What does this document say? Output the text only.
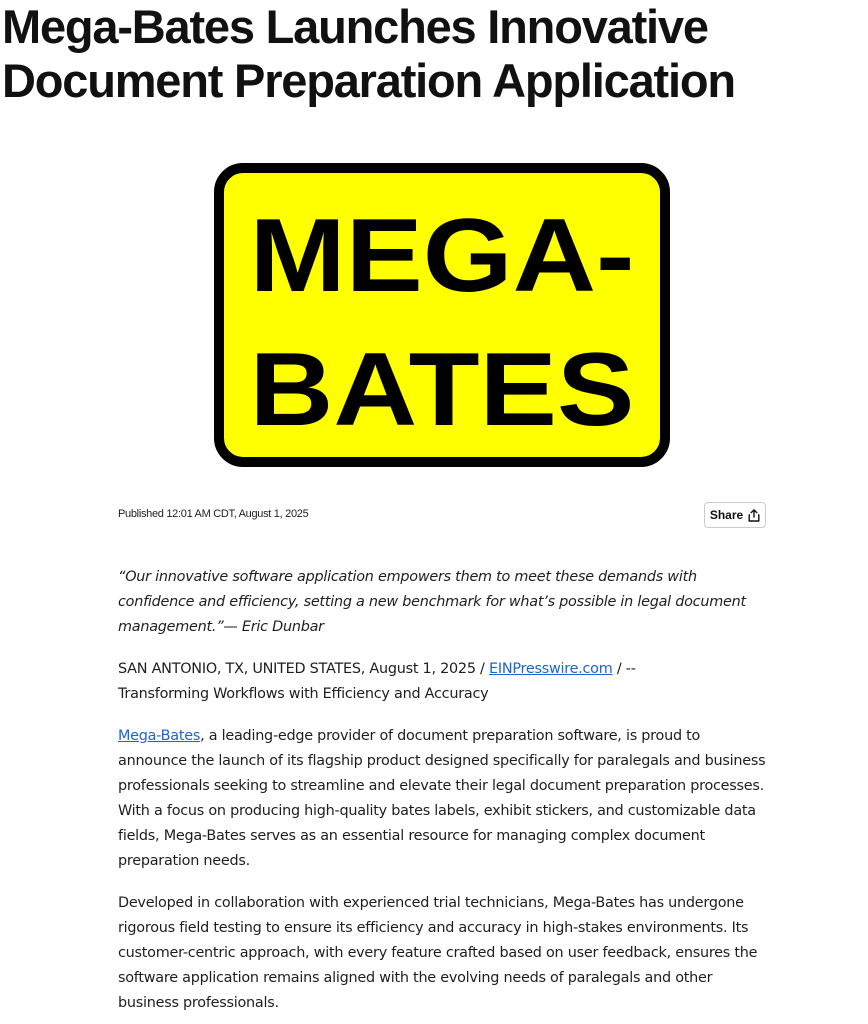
Mega-Bates Launches Innovative Document Preparation Application
MEGA-
BATES
Published 12:01 AM CDT, August 1, 2025	Share

“Our innovative software application empowers them to meet these demands with confidence and efficiency, setting a new benchmark for what’s possible in legal document management.”— Eric Dunbar

SAN ANTONIO, TX, UNITED STATES, August 1, 2025 / EINPresswire.com / --
Transforming Workflows with Efficiency and Accuracy

Mega-Bates, a leading-edge provider of document preparation software, is proud to announce the launch of its flagship product designed specifically for paralegals and business professionals seeking to streamline and elevate their legal document preparation processes. With a focus on producing high-quality bates labels, exhibit stickers, and customizable data fields, Mega-Bates serves as an essential resource for managing complex document preparation needs.

Developed in collaboration with experienced trial technicians, Mega-Bates has undergone rigorous field testing to ensure its efficiency and accuracy in high-stakes environments. Its customer-centric approach, with every feature crafted based on user feedback, ensures the software application remains aligned with the evolving needs of paralegals and other business professionals.
